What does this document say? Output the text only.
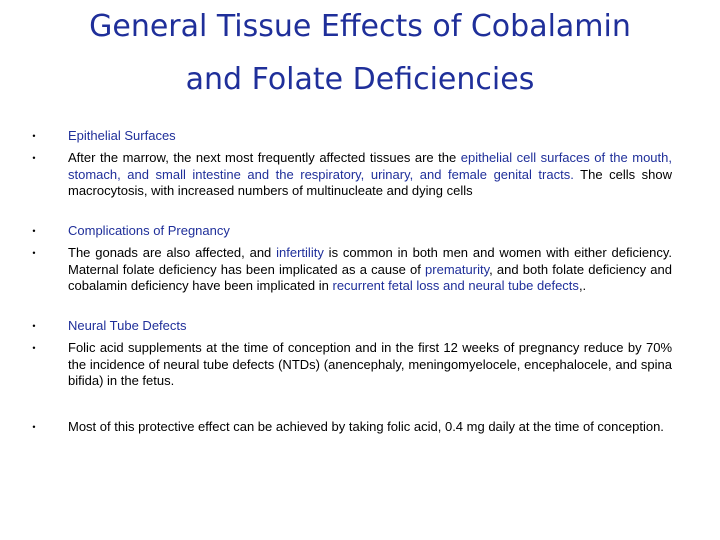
General Tissue Effects of Cobalamin
and Folate Deficiencies
•	Epithelial Surfaces
•	After the marrow, the next most frequently affected tissues are the epithelial cell surfaces of the mouth, stomach, and small intestine and the respiratory, urinary, and female genital tracts. The cells show macrocytosis, with increased numbers of multinucleate and dying cells
•	Complications of Pregnancy
•	The gonads are also affected, and infertility is common in both men and women with either deficiency. Maternal folate deficiency has been implicated as a cause of prematurity, and both folate deficiency and cobalamin deficiency have been implicated in recurrent fetal loss and neural tube defects,.
•	Neural Tube Defects
•	Folic acid supplements at the time of conception and in the first 12 weeks of pregnancy reduce by 70% the incidence of neural tube defects (NTDs) (anencephaly, meningomyelocele, encephalocele, and spina bifida) in the fetus.
•	Most of this protective effect can be achieved by taking folic acid, 0.4 mg daily at the time of conception.
